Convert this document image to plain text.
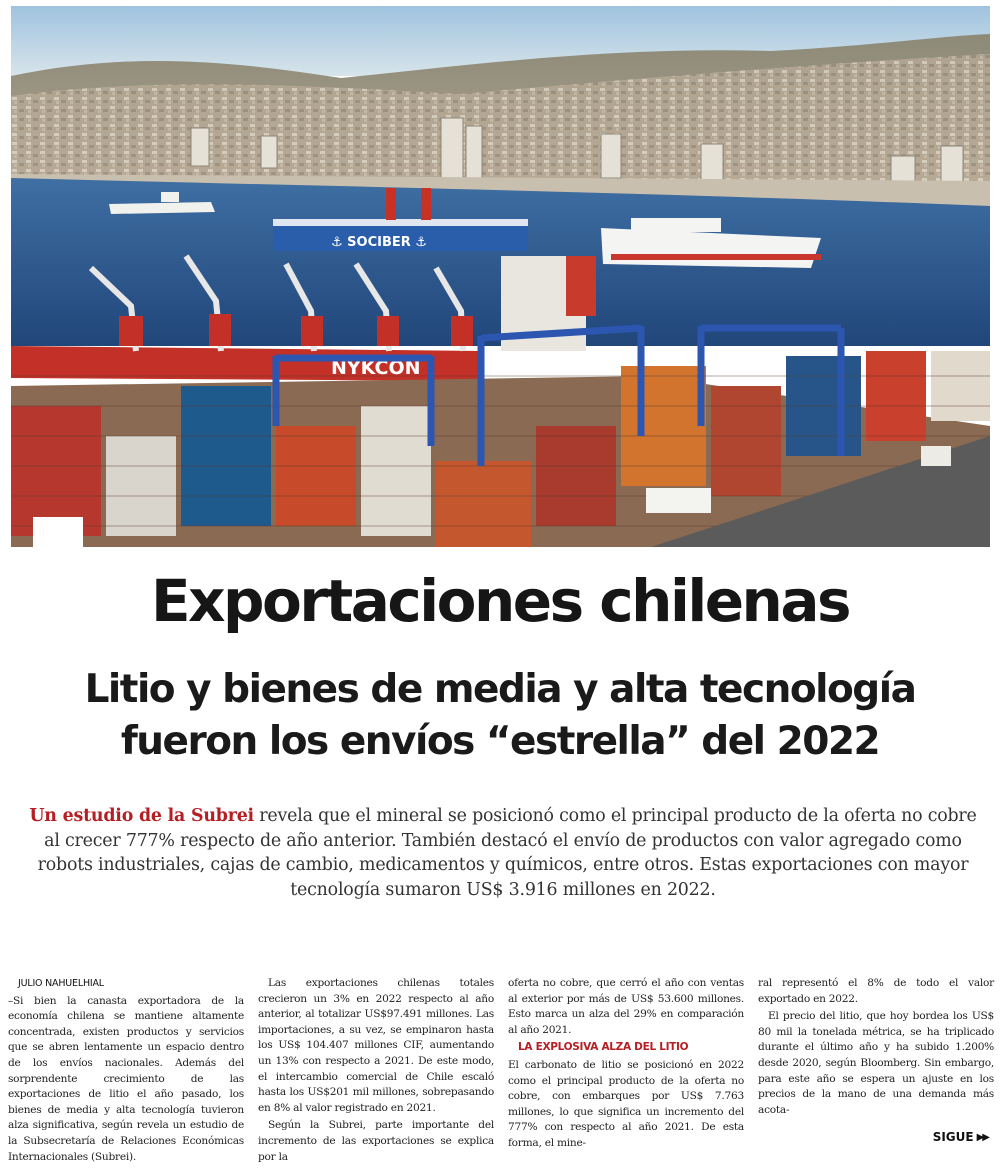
⚓ SOCIBER ⚓
NYKCON
Exportaciones chilenas
Litio y bienes de media y alta tecnología
fueron los envíos “estrella” del 2022

Un estudio de la Subrei revela que el mineral se posicionó como el principal producto de la oferta no cobre al crecer 777% respecto de año anterior. También destacó el envío de productos con valor agregado como robots industriales, cajas de cambio, medicamentos y químicos, entre otros. Estas exportaciones con mayor tecnología sumaron US$ 3.916 millones en 2022.

JULIO NAHUELHIAL

–Si bien la canasta exportadora de la economía chilena se mantiene altamente concentrada, existen productos y servicios que se abren lentamente un espacio dentro de los envíos nacionales. Además del sorprendente crecimiento de las exportaciones de litio el año pasado, los bienes de media y alta tecnología tuvieron alza significativa, según revela un estudio de la Subsecretaría de Relaciones Económicas Internacionales (Subrei).

Las exportaciones chilenas totales crecieron un 3% en 2022 respecto al año anterior, al totalizar US$97.491 millones. Las importaciones, a su vez, se empinaron hasta los US$ 104.407 millones CIF, aumentando un 13% con respecto a 2021. De este modo, el intercambio comercial de Chile escaló hasta los US$201 mil millones, sobrepasando en 8% al valor registrado en 2021.

Según la Subrei, parte importante del incremento de las exportaciones se explica por la

oferta no cobre, que cerró el año con ventas al exterior por más de US$ 53.600 millones. Esto marca un alza del 29% en comparación al año 2021.

LA EXPLOSIVA ALZA DEL LITIO

El carbonato de litio se posicionó en 2022 como el principal producto de la oferta no cobre, con embarques por US$ 7.763 millones, lo que significa un incremento del 777% con respecto al año 2021. De esta forma, el mine-

ral representó el 8% de todo el valor exportado en 2022.

El precio del litio, que hoy bordea los US$ 80 mil la tonelada métrica, se ha triplicado durante el último año y ha subido 1.200% desde 2020, según Bloomberg. Sin embargo, para este año se espera un ajuste en los precios de la mano de una demanda más acota-

SIGUE ▶▶
